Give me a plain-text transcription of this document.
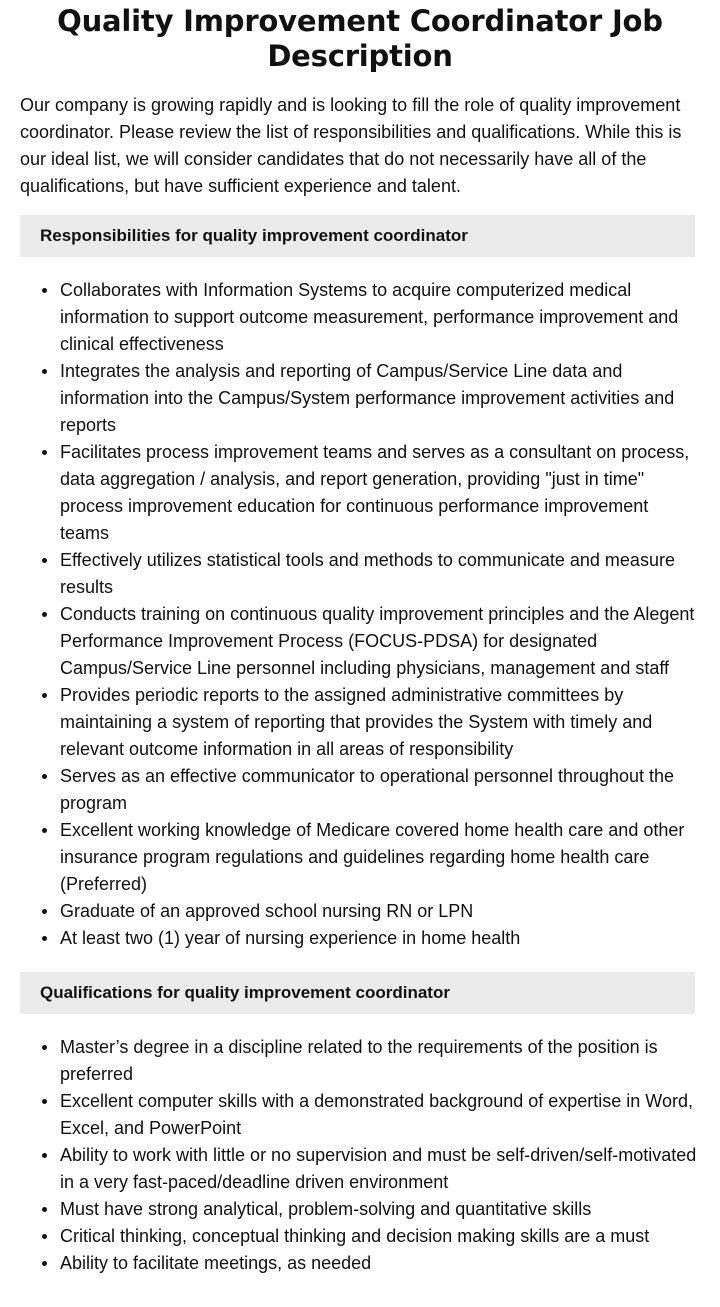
Quality Improvement Coordinator Job Description

Our company is growing rapidly and is looking to fill the role of quality improvement coordinator. Please review the list of responsibilities and qualifications. While this is our ideal list, we will consider candidates that do not necessarily have all of the qualifications, but have sufficient experience and talent.

Responsibilities for quality improvement coordinator
Collaborates with Information Systems to acquire computerized medical information to support outcome measurement, performance improvement and clinical effectiveness
Integrates the analysis and reporting of Campus/Service Line data and information into the Campus/System performance improvement activities and reports
Facilitates process improvement teams and serves as a consultant on process, data aggregation / analysis, and report generation, providing "just in time" process improvement education for continuous performance improvement teams
Effectively utilizes statistical tools and methods to communicate and measure results
Conducts training on continuous quality improvement principles and the Alegent Performance Improvement Process (FOCUS-PDSA) for designated Campus/Service Line personnel including physicians, management and staff
Provides periodic reports to the assigned administrative committees by maintaining a system of reporting that provides the System with timely and relevant outcome information in all areas of responsibility
Serves as an effective communicator to operational personnel throughout the program
Excellent working knowledge of Medicare covered home health care and other insurance program regulations and guidelines regarding home health care (Preferred)
Graduate of an approved school nursing RN or LPN
At least two (1) year of nursing experience in home health
Qualifications for quality improvement coordinator
Master’s degree in a discipline related to the requirements of the position is preferred
Excellent computer skills with a demonstrated background of expertise in Word, Excel, and PowerPoint
Ability to work with little or no supervision and must be self-driven/self-motivated in a very fast-paced/deadline driven environment
Must have strong analytical, problem-solving and quantitative skills
Critical thinking, conceptual thinking and decision making skills are a must
Ability to facilitate meetings, as needed
